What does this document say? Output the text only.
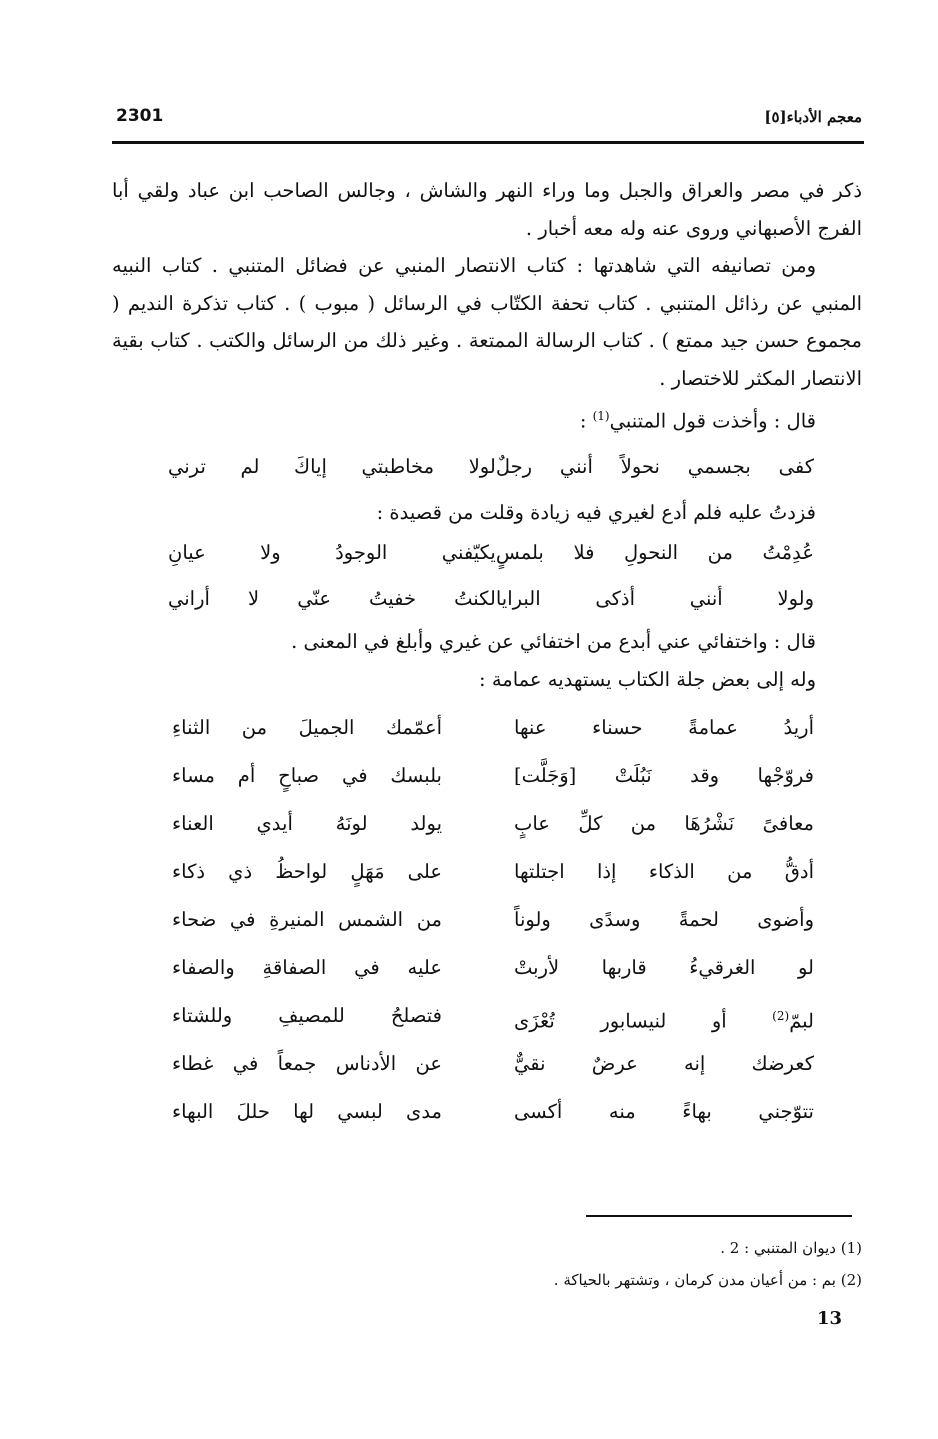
معجم الأدباء[٥]
2301

ذكر في مصر والعراق والجبل وما وراء النهر والشاش ، وجالس الصاحب ابن عباد ولقي أبا الفرج الأصبهاني وروى عنه وله معه أخبار .

ومن تصانيفه التي شاهدتها : كتاب الانتصار المنبي عن فضائل المتنبي . كتاب النبيه المنبي عن رذائل المتنبي . كتاب تحفة الكتّاب في الرسائل ( مبوب ) . كتاب تذكرة النديم ( مجموع حسن جيد ممتع ) . كتاب الرسالة الممتعة . وغير ذلك من الرسائل والكتب . كتاب بقية الانتصار المكثر للاختصار .

قال : وأخذت قول المتنبي$^{(1)}$ :

كفى بجسمي نحولاً أنني رجلٌ
لولا مخاطبتي إياكَ لم ترني

فزدتُ عليه فلم أدع لغيري فيه زيادة وقلت من قصيدة :

عُدِمْتُ من النحولِ فلا بلمسٍ
يكيّفني الوجودُ ولا عيانِ
ولولا أنني أذكى البرايا
لكنتُ خفيتُ عنّي لا أراني

قال : واختفائي عني أبدع من اختفائي عن غيري وأبلغ في المعنى .

وله إلى بعض جلة الكتاب يستهديه عمامة :

أريدُ عمامةً حسناء عنها
أعمّمك الجميلَ من الثناءِ
فروّجْها وقد نَبُلَتْ [وَجَلَّت]
بلبسك في صباحٍ أم مساء
معافىً نَشْرُهَا من كلِّ عابٍ
يولد لونَهُ أيدي العناء
أدقُّ من الذكاء إذا اجتلتها
على مَهَلٍ لواحظُ ذي ذكاء
وأضوى لحمةً وسدًى ولوناً
من الشمس المنيرةِ في ضحاء
لو الغرقيءُ قاربها لأربتْ
عليه في الصفاقةِ والصفاء
لبمّ$^{(2)}$ أو لنيسابور تُعْزَى
فتصلحُ للمصيفِ وللشتاء
كعرضك إنه عرضٌ نقيٌّ
عن الأدناس جمعاً في غطاء
تتوّجني بهاءً منه أكسى
مدى لبسي لها حللَ البهاء

(1) ديوان المتنبي : 2 .

(2) بم : من أعيان مدن كرمان ، وتشتهر بالحياكة .

13
